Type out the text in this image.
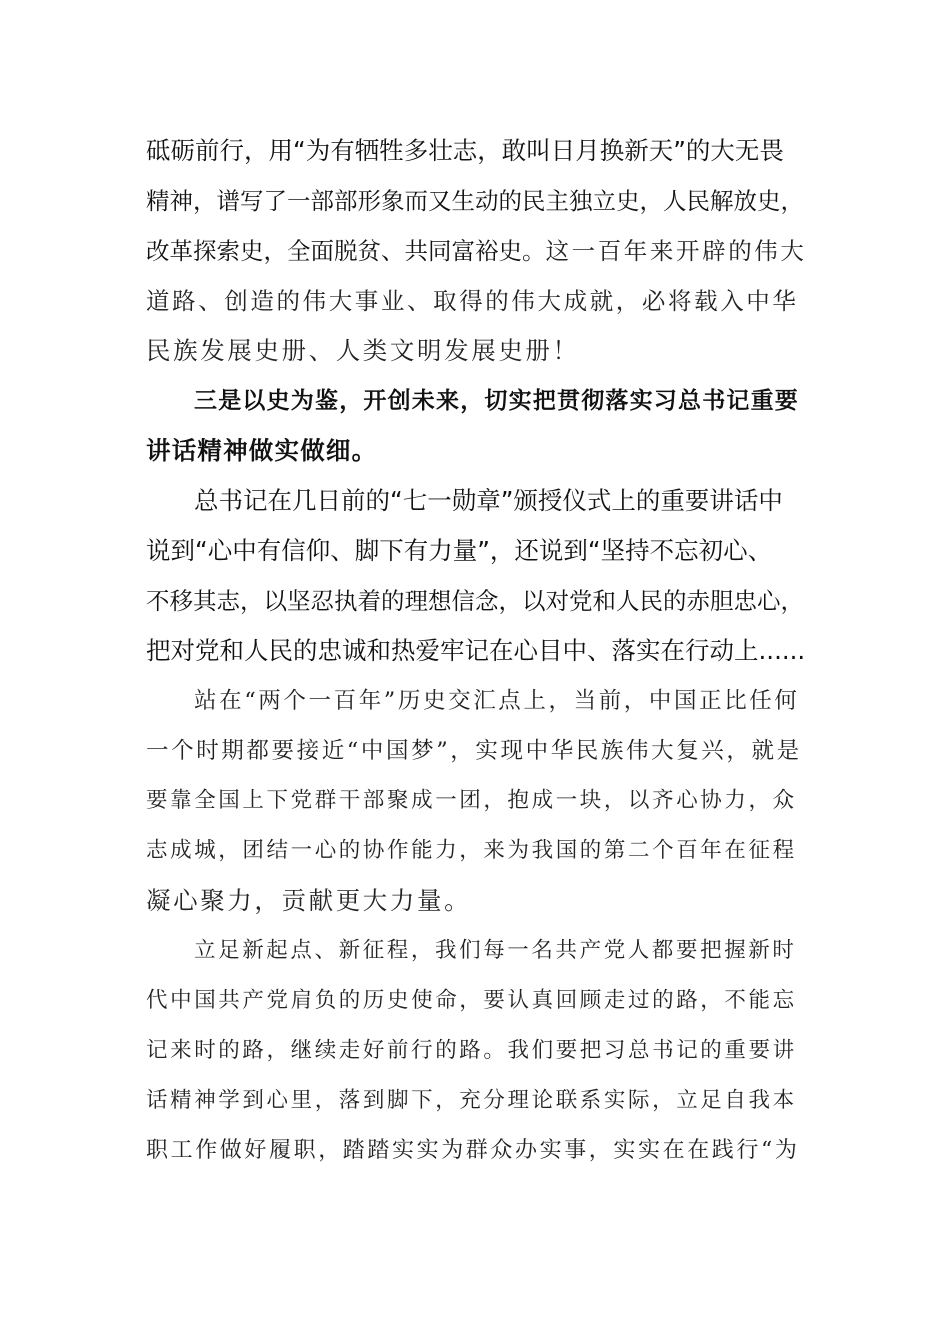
砥砺前行，用“为有牺牲多壮志，敢叫日月换新天”的大无畏
精神，谱写了一部部形象而又生动的民主独立史，人民解放史，
改革探索史，全面脱贫、共同富裕史。这一百年来开辟的伟大
道路、创造的伟大事业、取得的伟大成就，必将载入中华
民族发展史册、人类文明发展史册！
三是以史为鉴，开创未来，切实把贯彻落实习总书记重要
讲话精神做实做细。
总书记在几日前的“七一勋章”颁授仪式上的重要讲话中
说到“心中有信仰、脚下有力量”，还说到“坚持不忘初心、
不移其志，以坚忍执着的理想信念，以对党和人民的赤胆忠心，
把对党和人民的忠诚和热爱牢记在心目中、落实在行动上......
站在“两个一百年”历史交汇点上，当前，中国正比任何
一个时期都要接近“中国梦”，实现中华民族伟大复兴，就是
要靠全国上下党群干部聚成一团，抱成一块，以齐心协力，众
志成城，团结一心的协作能力，来为我国的第二个百年在征程
凝心聚力，贡献更大力量。
立足新起点、新征程，我们每一名共产党人都要把握新时
代中国共产党肩负的历史使命，要认真回顾走过的路，不能忘
记来时的路，继续走好前行的路。我们要把习总书记的重要讲
话精神学到心里，落到脚下，充分理论联系实际，立足自我本
职工作做好履职，踏踏实实为群众办实事，实实在在践行“为
